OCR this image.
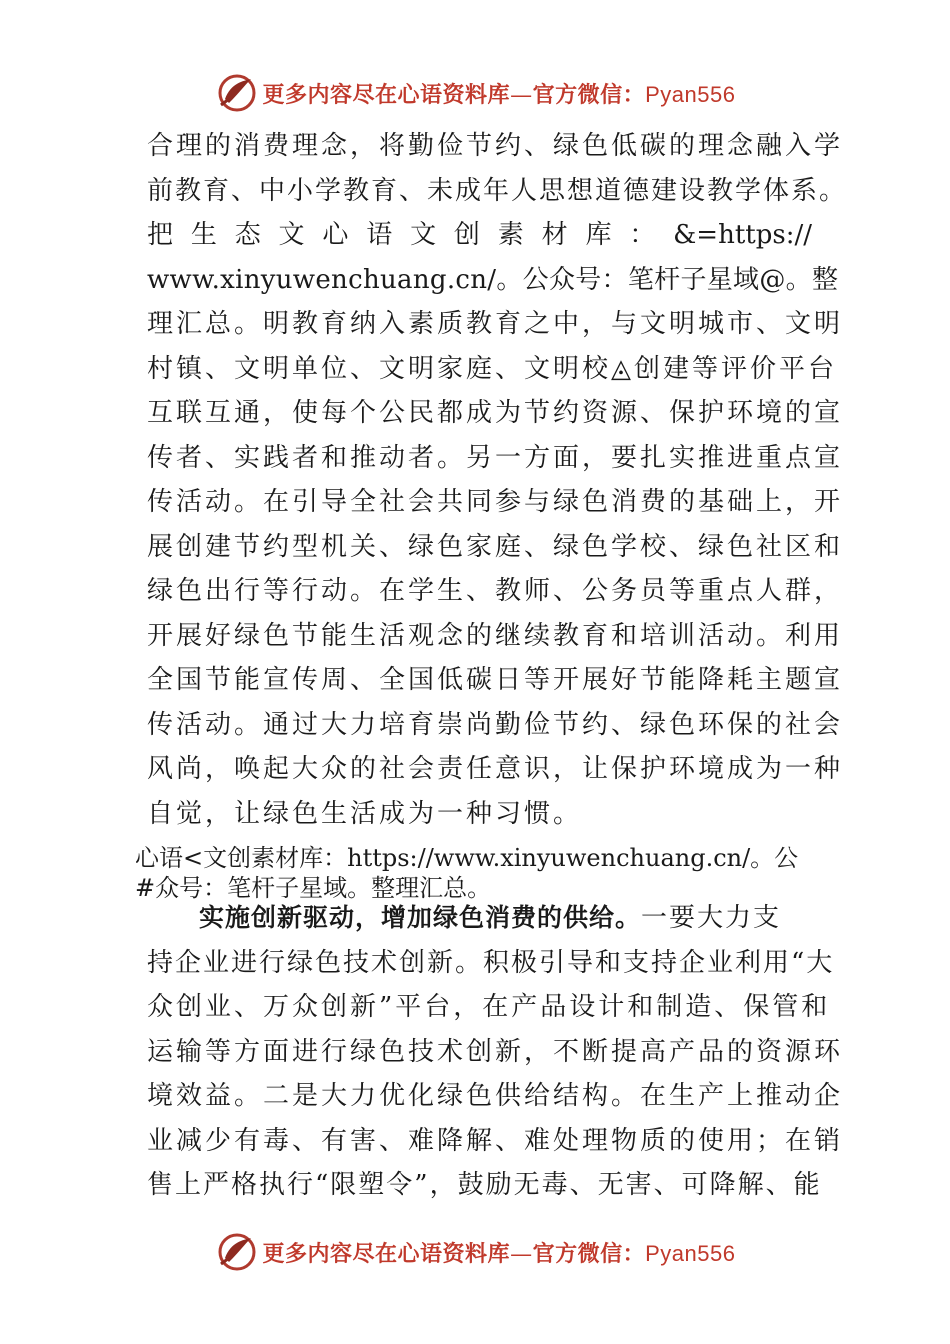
更多内容尽在心语资料库—官方微信：Pyan556
合理的消费理念，将勤俭节约、绿色低碳的理念融入学
前教育、中小学教育、未成年人思想道德建设教学体系。
把 生 态 文 心 语 文 创 素 材 库 ： &=https://
www.xinyuwenchuang.cn/。公众号：笔杆子星域@。整
理汇总。明教育纳入素质教育之中，与文明城市、文明
村镇、文明单位、文明家庭、文明校◬创建等评价平台
互联互通，使每个公民都成为节约资源、保护环境的宣
传者、实践者和推动者。另一方面，要扎实推进重点宣
传活动。在引导全社会共同参与绿色消费的基础上，开
展创建节约型机关、绿色家庭、绿色学校、绿色社区和
绿色出行等行动。在学生、教师、公务员等重点人群，
开展好绿色节能生活观念的继续教育和培训活动。利用
全国节能宣传周、全国低碳日等开展好节能降耗主题宣
传活动。通过大力培育崇尚勤俭节约、绿色环保的社会
风尚，唤起大众的社会责任意识，让保护环境成为一种
自觉，让绿色生活成为一种习惯。
心语<文创素材库：https://www.xinyuwenchuang.cn/。公
#众号：笔杆子星域。整理汇总。
实施创新驱动，增加绿色消费的供给。一要大力支
持企业进行绿色技术创新。积极引导和支持企业利用“大
众创业、万众创新”平台，在产品设计和制造、保管和
运输等方面进行绿色技术创新，不断提高产品的资源环
境效益。二是大力优化绿色供给结构。在生产上推动企
业减少有毒、有害、难降解、难处理物质的使用；在销
售上严格执行“限塑令”，鼓励无毒、无害、可降解、能
更多内容尽在心语资料库—官方微信：Pyan556
